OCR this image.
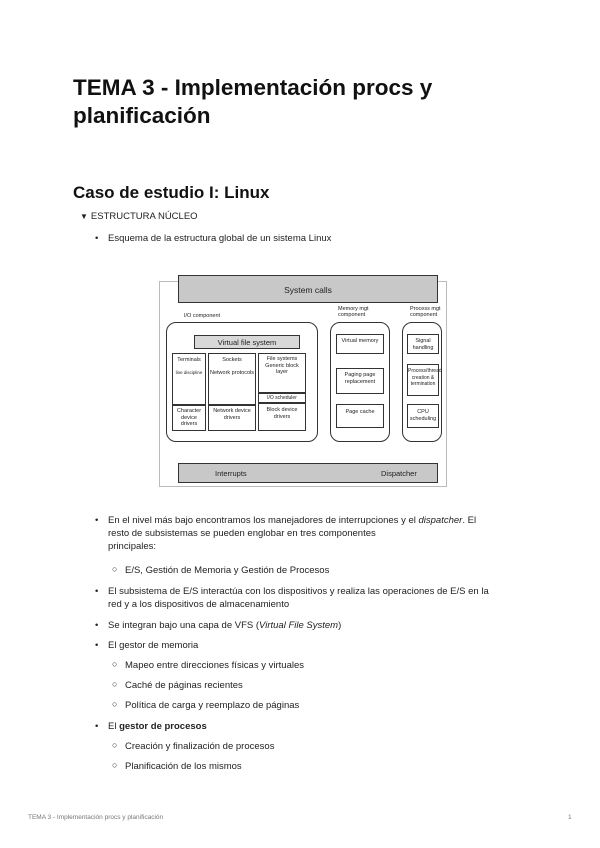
TEMA 3 - Implementación procs y planificación
Caso de estudio I: Linux
▼ ESTRUCTURA NÚCLEO
• Esquema de la estructura global de un sistema Linux
System calls
I/O component
Memory mgt component
Process mgt component
Virtual file system
Terminals
line discipline
Character device drivers
Sockets

Network protocols
Network device drivers
File systems
Generic block layer
I/O scheduler
Block device drivers
Virtual memory
Paging page replacement
Page cache
Signal handling
Process/thread creation & termination
CPU scheduling
Interrupts	Dispatcher
• En el nivel más bajo encontramos los manejadores de interrupciones y el dispatcher. El
resto de subsistemas se pueden englobar en tres componentes
principales:
○ E/S, Gestión de Memoria y Gestión de Procesos
• El subsistema de E/S interactúa con los dispositivos y realiza las operaciones de E/S en la
red y a los dispositivos de almacenamiento
• Se integran bajo una capa de VFS (Virtual File System)
• El gestor de memoria
○ Mapeo entre direcciones físicas y virtuales
○ Caché de páginas recientes
○ Política de carga y reemplazo de páginas
• El gestor de procesos
○ Creación y finalización de procesos
○ Planificación de los mismos
TEMA 3 - Implementación procs y planificación	1
